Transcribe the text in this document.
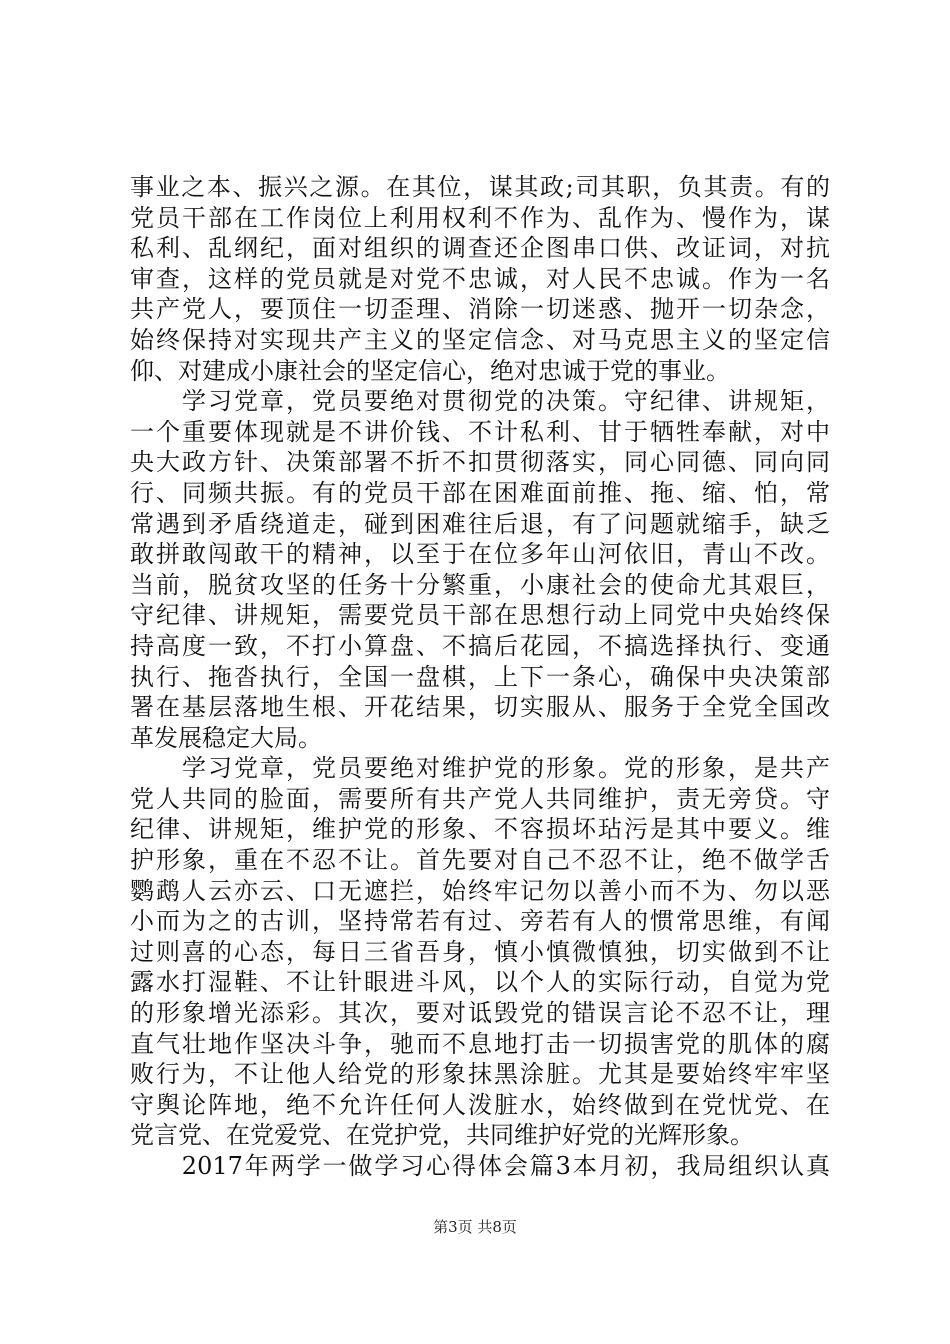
事业之本、振兴之源。在其位，谋其政;司其职，负其责。有的
党员干部在工作岗位上利用权利不作为、乱作为、慢作为，谋
私利、乱纲纪，面对组织的调查还企图串口供、改证词，对抗
审查，这样的党员就是对党不忠诚，对人民不忠诚。作为一名
共产党人，要顶住一切歪理、消除一切迷惑、抛开一切杂念，
始终保持对实现共产主义的坚定信念、对马克思主义的坚定信
仰、对建成小康社会的坚定信心，绝对忠诚于党的事业。
　　学习党章，党员要绝对贯彻党的决策。守纪律、讲规矩，
一个重要体现就是不讲价钱、不计私利、甘于牺牲奉献，对中
央大政方针、决策部署不折不扣贯彻落实，同心同德、同向同
行、同频共振。有的党员干部在困难面前推、拖、缩、怕，常
常遇到矛盾绕道走，碰到困难往后退，有了问题就缩手，缺乏
敢拼敢闯敢干的精神，以至于在位多年山河依旧，青山不改。
当前，脱贫攻坚的任务十分繁重，小康社会的使命尤其艰巨，
守纪律、讲规矩，需要党员干部在思想行动上同党中央始终保
持高度一致，不打小算盘、不搞后花园，不搞选择执行、变通
执行、拖沓执行，全国一盘棋，上下一条心，确保中央决策部
署在基层落地生根、开花结果，切实服从、服务于全党全国改
革发展稳定大局。
　　学习党章，党员要绝对维护党的形象。党的形象，是共产
党人共同的脸面，需要所有共产党人共同维护，责无旁贷。守
纪律、讲规矩，维护党的形象、不容损坏玷污是其中要义。维
护形象，重在不忍不让。首先要对自己不忍不让，绝不做学舌
鹦鹉人云亦云、口无遮拦，始终牢记勿以善小而不为、勿以恶
小而为之的古训，坚持常若有过、旁若有人的惯常思维，有闻
过则喜的心态，每日三省吾身，慎小慎微慎独，切实做到不让
露水打湿鞋、不让针眼进斗风，以个人的实际行动，自觉为党
的形象增光添彩。其次，要对诋毁党的错误言论不忍不让，理
直气壮地作坚决斗争，驰而不息地打击一切损害党的肌体的腐
败行为，不让他人给党的形象抹黑涂脏。尤其是要始终牢牢坚
守舆论阵地，绝不允许任何人泼脏水，始终做到在党忧党、在
党言党、在党爱党、在党护党，共同维护好党的光辉形象。
　　2017年两学一做学习心得体会篇3本月初，我局组织认真
第3页 共8页
